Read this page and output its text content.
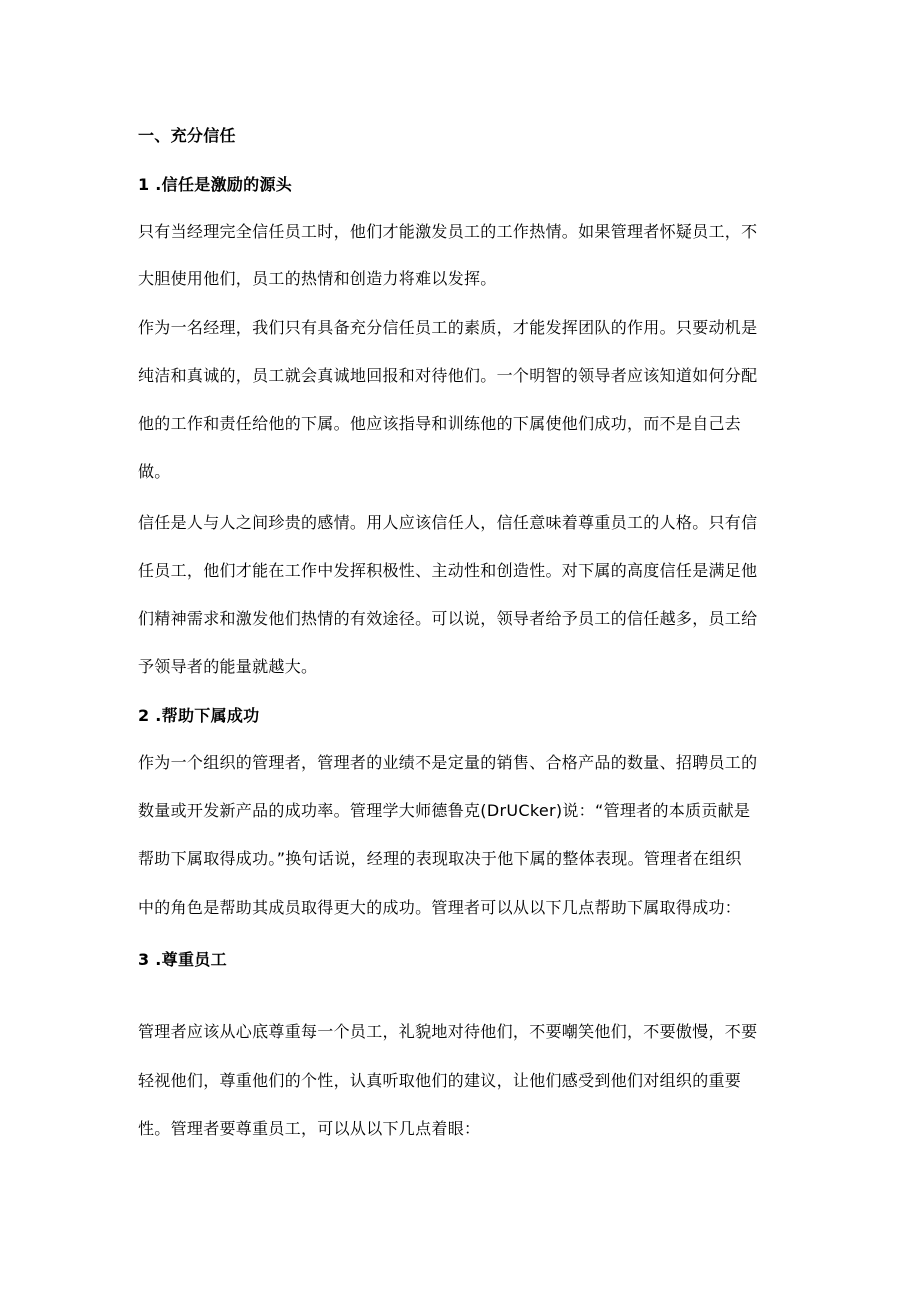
一、充分信任
1 .信任是激励的源头
只有当经理完全信任员工时，他们才能激发员工的工作热情。如果管理者怀疑员工，不
大胆使用他们，员工的热情和创造力将难以发挥。
作为一名经理，我们只有具备充分信任员工的素质，才能发挥团队的作用。只要动机是
纯洁和真诚的，员工就会真诚地回报和对待他们。一个明智的领导者应该知道如何分配
他的工作和责任给他的下属。他应该指导和训练他的下属使他们成功，而不是自己去
做。
信任是人与人之间珍贵的感情。用人应该信任人，信任意味着尊重员工的人格。只有信
任员工，他们才能在工作中发挥积极性、主动性和创造性。对下属的高度信任是满足他
们精神需求和激发他们热情的有效途径。可以说，领导者给予员工的信任越多，员工给
予领导者的能量就越大。
2 .帮助下属成功
作为一个组织的管理者，管理者的业绩不是定量的销售、合格产品的数量、招聘员工的
数量或开发新产品的成功率。管理学大师德鲁克(DrUCker)说：“管理者的本质贡献是
帮助下属取得成功。”换句话说，经理的表现取决于他下属的整体表现。管理者在组织
中的角色是帮助其成员取得更大的成功。管理者可以从以下几点帮助下属取得成功：
3 .尊重员工
管理者应该从心底尊重每一个员工，礼貌地对待他们，不要嘲笑他们，不要傲慢，不要
轻视他们，尊重他们的个性，认真听取他们的建议，让他们感受到他们对组织的重要
性。管理者要尊重员工，可以从以下几点着眼：
